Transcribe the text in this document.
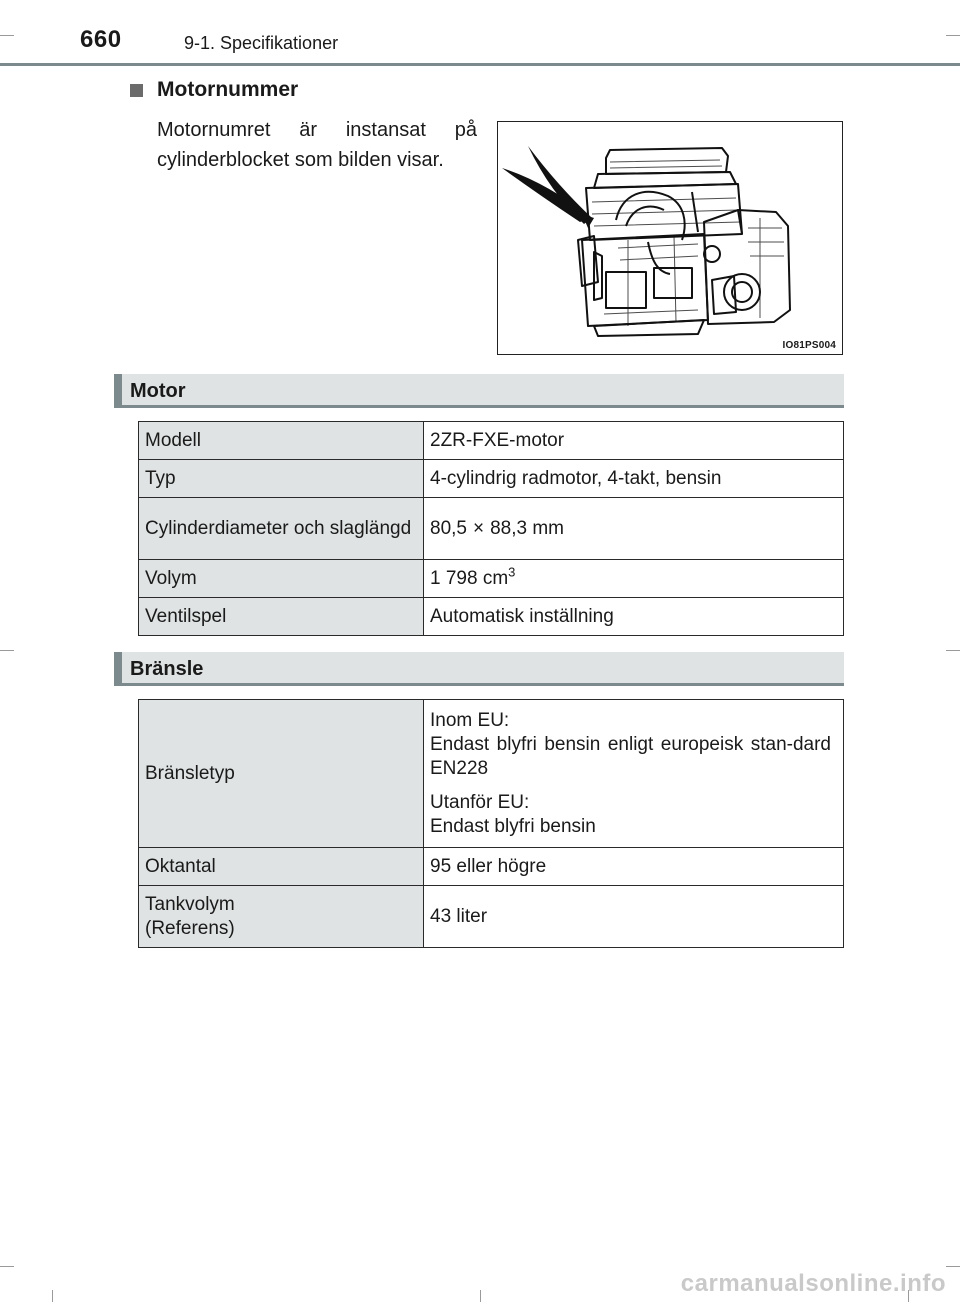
660	9-1. Specifikationer
Motornummer
Motornumret är instansat på cylinderblocket som bilden visar.
IO81PS004
Motor
Modell	2ZR-FXE-motor
Typ	4-cylindrig radmotor, 4-takt, bensin
Cylinderdiameter och slaglängd	80,5 × 88,3 mm
Volym	1 798 $cm^3$
Ventilspel	Automatisk inställning
Bränsle
Bränsletyp	Inom EU:

Endast blyfri bensin enligt europeisk stan-dard EN228

Utanför EU:

Endast blyfri bensin

Oktantal	95 eller högre

Tankvolym
(Referens)	43 liter
carmanualsonline.info
